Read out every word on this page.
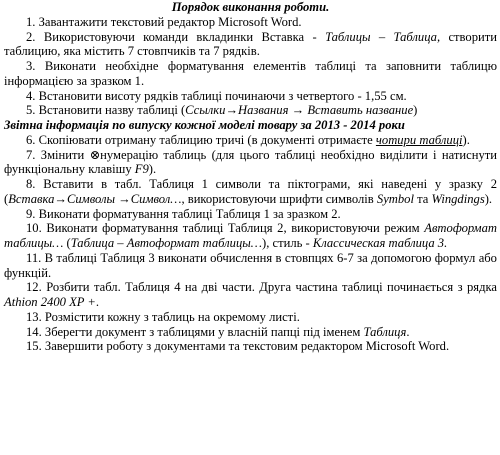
Порядок виконання роботи.

1. Завантажити текстовий редактор Microsoft Word.

2. Використовуючи команди вкладинки Вставка - Таблицы – Таблица, створити таблицию, яка містить 7 стовпчиків та 7 рядків.

3. Виконати необхідне форматування елементів таблиці та заповнити таблицю інформацією за зразком 1.

4. Встановити висоту рядків таблиці починаючи з четвертого - 1,55 см.

5. Встановити назву таблиці (Ссылки→Названия → Вставить название)

Звітна інформація по випуску кожної моделі товару за 2013 - 2014 роки

6. Скопіювати отриману таблицию тричі (в документі отримаєте чотири таблиці).

7. Змінити ⊗нумерацію таблиць (для цього таблиці необхідно виділити і натиснути функціональну клавішу F9).

8. Вставити в табл. Таблиця 1 символи та піктограми, які наведені у зразку 2 (Вставка→Символы →Символ…, використовуючи шрифти символів Symbol та Wingdings).

9. Виконати форматування таблиці Таблиця 1 за зразком 2.

10. Виконати форматування таблиці Таблиця 2, використовуючи режим Автоформат таблицы… (Таблица – Автоформат таблицы…), стиль - Классическая таблица 3.

11. В таблиці Таблиця 3 виконати обчислення в стовпцях 6-7 за допомогою формул або функцій.

12. Розбити табл. Таблиця 4 на дві части. Друга частина таблиці починається з рядка Athion 2400 XP +.

13. Розмістити кожну з таблиць на окремому листі.

14. Зберегти документ з таблицями у власній папці під іменем Таблиця.

15. Завершити роботу з документами та текстовим редактором Microsoft Word.
